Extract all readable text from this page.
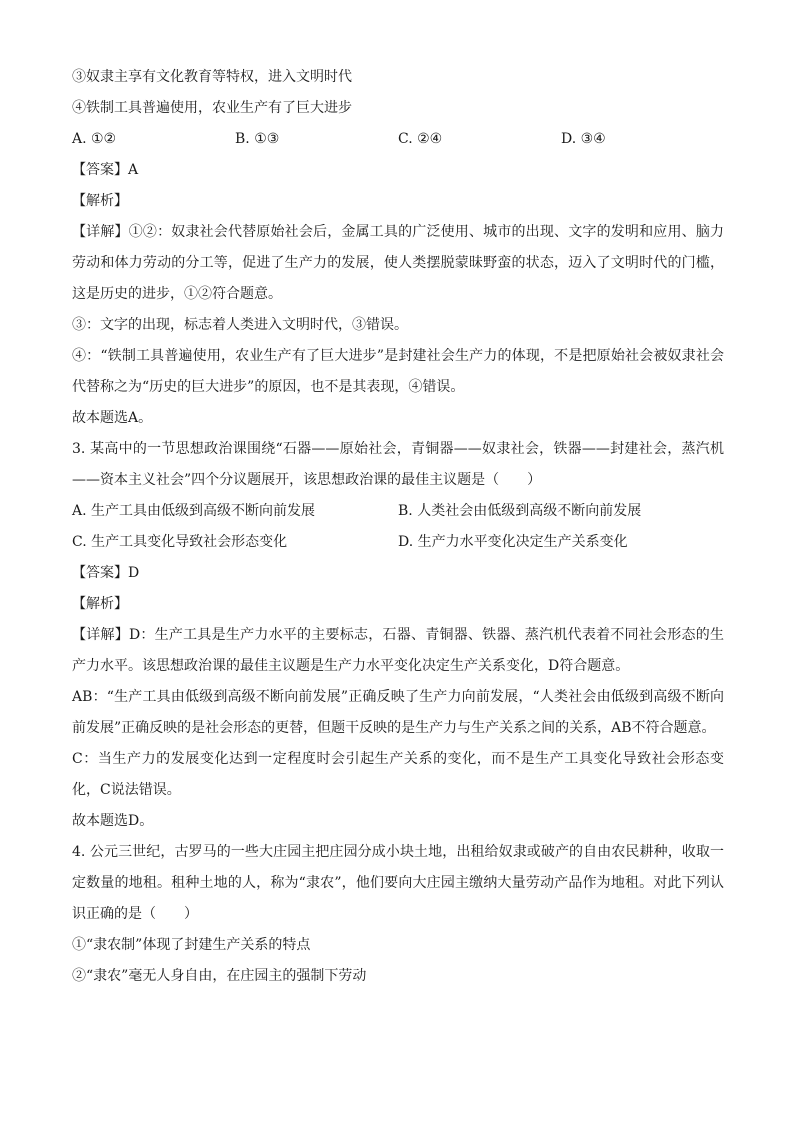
③奴隶主享有文化教育等特权，进入文明时代
④铁制工具普遍使用，农业生产有了巨大进步
A. ①②	B. ①③	C. ②④	D. ③④
【答案】A
【解析】
【详解】①②：奴隶社会代替原始社会后，金属工具的广泛使用、城市的出现、文字的发明和应用、脑力劳动和体力劳动的分工等，促进了生产力的发展，使人类摆脱蒙昧野蛮的状态，迈入了文明时代的门槛，这是历史的进步，①②符合题意。
③：文字的出现，标志着人类进入文明时代，③错误。
④：“铁制工具普遍使用，农业生产有了巨大进步”是封建社会生产力的体现，不是把原始社会被奴隶社会代替称之为“历史的巨大进步”的原因，也不是其表现，④错误。
故本题选A。
3. 某高中的一节思想政治课围绕“石器——原始社会，青铜器——奴隶社会，铁器——封建社会，蒸汽机——资本主义社会”四个分议题展开，该思想政治课的最佳主议题是（　　）
A. 生产工具由低级到高级不断向前发展	B. 人类社会由低级到高级不断向前发展
C. 生产工具变化导致社会形态变化	D. 生产力水平变化决定生产关系变化
【答案】D
【解析】
【详解】D：生产工具是生产力水平的主要标志，石器、青铜器、铁器、蒸汽机代表着不同社会形态的生产力水平。该思想政治课的最佳主议题是生产力水平变化决定生产关系变化，D符合题意。
AB：“生产工具由低级到高级不断向前发展”正确反映了生产力向前发展，“人类社会由低级到高级不断向前发展”正确反映的是社会形态的更替，但题干反映的是生产力与生产关系之间的关系，AB不符合题意。
C：当生产力的发展变化达到一定程度时会引起生产关系的变化，而不是生产工具变化导致社会形态变化，C说法错误。
故本题选D。
4. 公元三世纪，古罗马的一些大庄园主把庄园分成小块土地，出租给奴隶或破产的自由农民耕种，收取一定数量的地租。租种土地的人，称为“隶农”，他们要向大庄园主缴纳大量劳动产品作为地租。对此下列认识正确的是（　　）
①“隶农制”体现了封建生产关系的特点
②“隶农”毫无人身自由，在庄园主的强制下劳动
